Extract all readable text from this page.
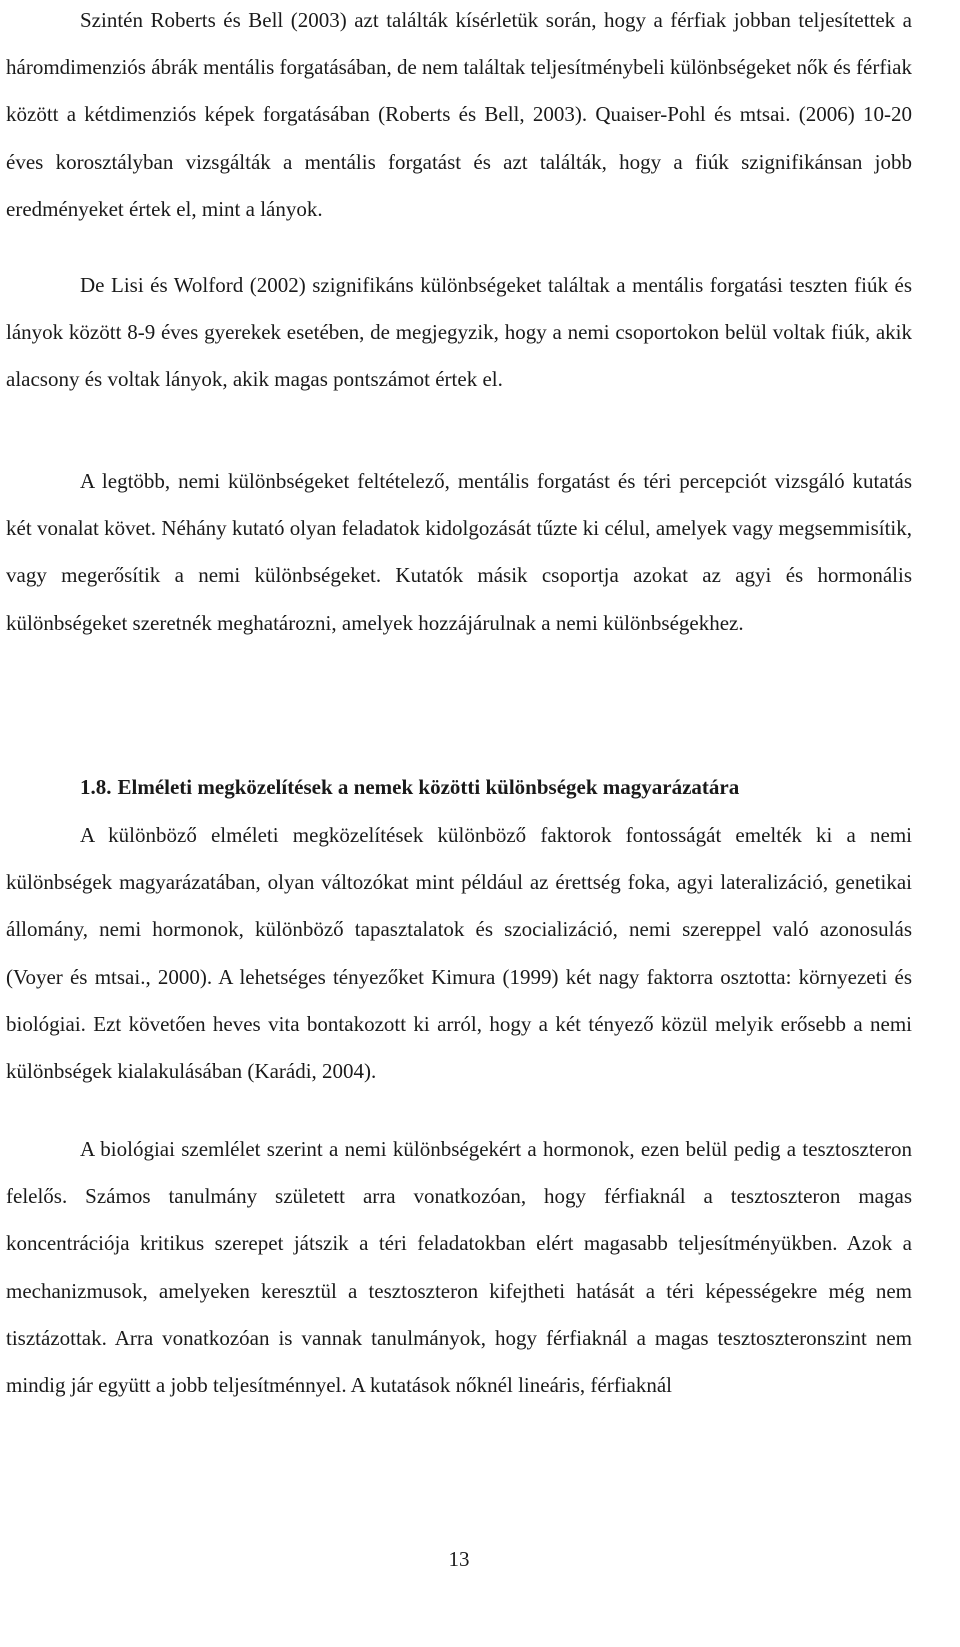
Szintén Roberts és Bell (2003) azt találták kísérletük során, hogy a férfiak jobban teljesítettek a háromdimenziós ábrák mentális forgatásában, de nem találtak teljesítménybeli különbségeket nők és férfiak között a kétdimenziós képek forgatásában (Roberts és Bell, 2003). Quaiser-Pohl és mtsai. (2006) 10-20 éves korosztályban vizsgálták a mentális forgatást és azt találták, hogy a fiúk szignifikánsan jobb eredményeket értek el, mint a lányok.

De Lisi és Wolford (2002) szignifikáns különbségeket találtak a mentális forgatási teszten fiúk és lányok között 8-9 éves gyerekek esetében, de megjegyzik, hogy a nemi csoportokon belül voltak fiúk, akik alacsony és voltak lányok, akik magas pontszámot értek el.

A legtöbb, nemi különbségeket feltételező, mentális forgatást és téri percepciót vizsgáló kutatás két vonalat követ. Néhány kutató olyan feladatok kidolgozását tűzte ki célul, amelyek vagy megsemmisítik, vagy megerősítik a nemi különbségeket. Kutatók másik csoportja azokat az agyi és hormonális különbségeket szeretnék meghatározni, amelyek hozzájárulnak a nemi különbségekhez.

1.8. Elméleti megközelítések a nemek közötti különbségek magyarázatára

A különböző elméleti megközelítések különböző faktorok fontosságát emelték ki a nemi különbségek magyarázatában, olyan változókat mint például az érettség foka, agyi lateralizáció, genetikai állomány, nemi hormonok, különböző tapasztalatok és szocializáció, nemi szereppel való azonosulás (Voyer és mtsai., 2000). A lehetséges tényezőket Kimura (1999) két nagy faktorra osztotta: környezeti és biológiai. Ezt követően heves vita bontakozott ki arról, hogy a két tényező közül melyik erősebb a nemi különbségek kialakulásában (Karádi, 2004).

A biológiai szemlélet szerint a nemi különbségekért a hormonok, ezen belül pedig a tesztoszteron felelős. Számos tanulmány született arra vonatkozóan, hogy férfiaknál a tesztoszteron magas koncentrációja kritikus szerepet játszik a téri feladatokban elért magasabb teljesítményükben. Azok a mechanizmusok, amelyeken keresztül a tesztoszteron kifejtheti hatását a téri képességekre még nem tisztázottak. Arra vonatkozóan is vannak tanulmányok, hogy férfiaknál a magas tesztoszteronszint nem mindig jár együtt a jobb teljesítménnyel. A kutatások nőknél lineáris, férfiaknál

13
